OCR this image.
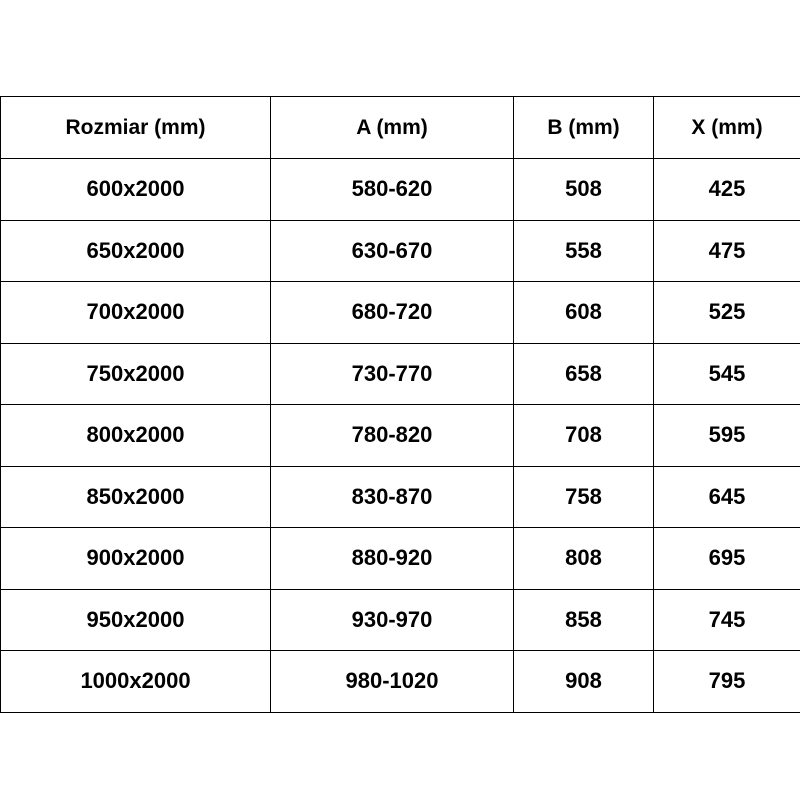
Rozmiar (mm)	A (mm)	B (mm)	X (mm)
600x2000	580-620	508	425
650x2000	630-670	558	475
700x2000	680-720	608	525
750x2000	730-770	658	545
800x2000	780-820	708	595
850x2000	830-870	758	645
900x2000	880-920	808	695
950x2000	930-970	858	745
1000x2000	980-1020	908	795
